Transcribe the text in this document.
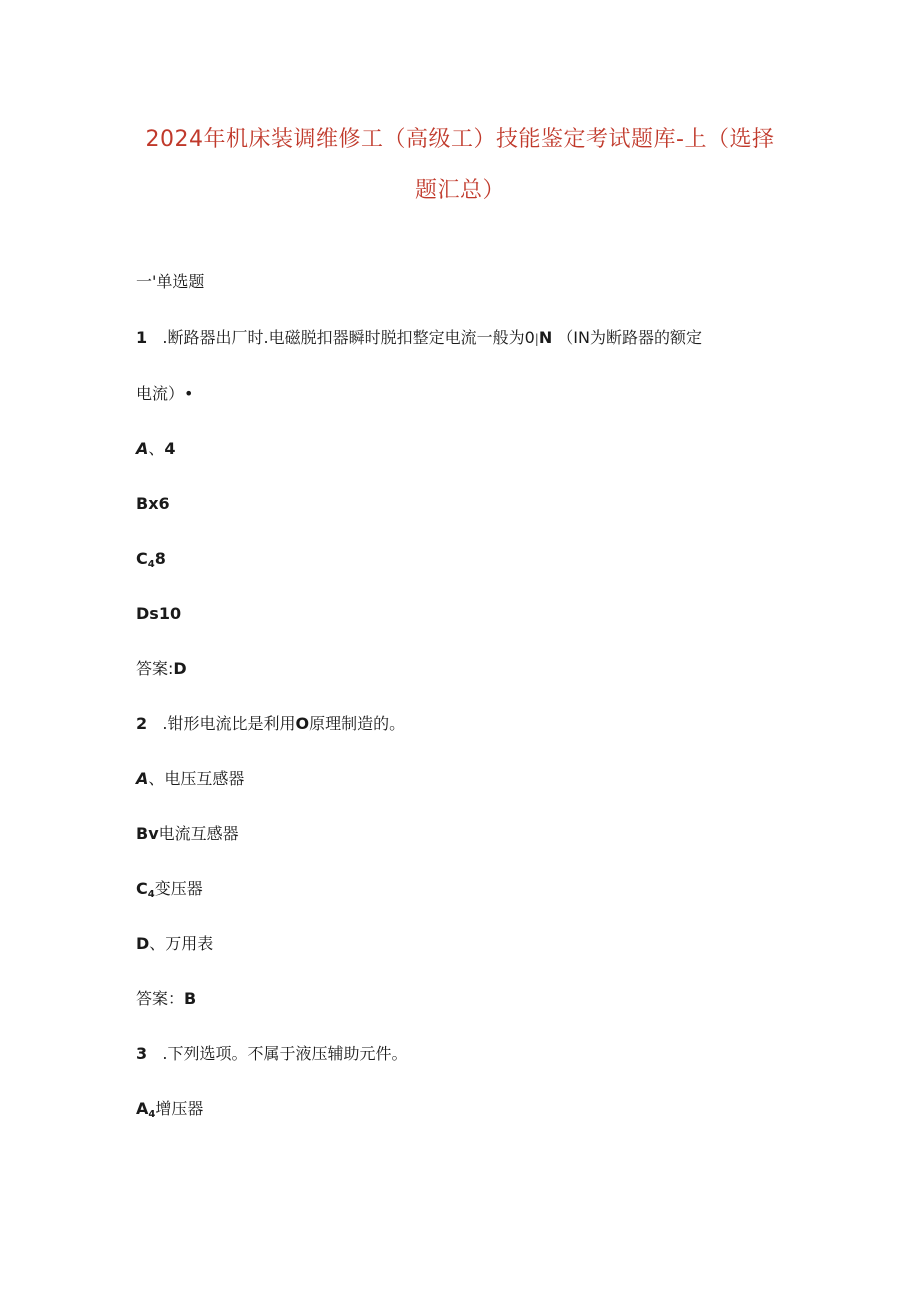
2024年机床装调维修工（高级工）技能鉴定考试题库-上（选择
题汇总）
一'单选题
1 .断路器出厂时.电磁脱扣器瞬时脱扣整定电流一般为0|N （IN为断路器的额定
电流）•
A、4
Bx6
C48
Ds10
答案:D
2 .钳形电流比是利用O原理制造的。
A、电压互感器
Bv电流互感器
C4变压器
D、万用表
答案：B
3 .下列选项。不属于液压辅助元件。
A4增压器
